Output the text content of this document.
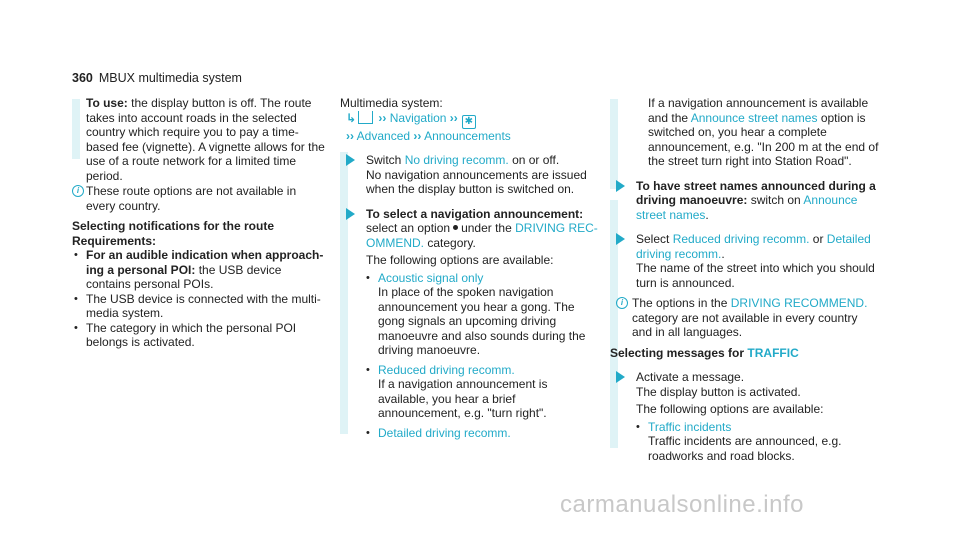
360 MBUX multimedia system
To use: the display button is off. The route takes into account roads in the selected country which require you to pay a time-based fee (vignette). A vignette allows for the use of a route network for a limited time period.
i These route options are not available in every country.
Selecting notifications for the route
Requirements:
• For an audible indication when approach-ing a personal POI: the USB device contains personal POIs.
• The USB device is connected with the multi-media system.
• The category in which the personal POI belongs is activated.
Multimedia system:
↳ ›› Navigation ›› ✱
›› Advanced ›› Announcements
Switch No driving recomm. on or off.
No navigation announcements are issued when the display button is switched on.
To select a navigation announcement:
select an option under the DRIVING REC-OMMEND. category.
The following options are available:
• Acoustic signal only
In place of the spoken navigation announcement you hear a gong. The gong signals an upcoming driving manoeuvre and also sounds during the driving manoeuvre.
• Reduced driving recomm.
If a navigation announcement is available, you hear a brief announcement, e.g. "turn right".
• Detailed driving recomm.
If a navigation announcement is available and the Announce street names option is switched on, you hear a complete announcement, e.g. "In 200 m at the end of the street turn right into Station Road".
To have street names announced during a driving manoeuvre: switch on Announce street names.
Select Reduced driving recomm. or Detailed driving recomm..
The name of the street into which you should turn is announced.
i The options in the DRIVING RECOMMEND. category are not available in every country and in all languages.
Selecting messages for TRAFFIC
Activate a message.
The display button is activated.
The following options are available:
• Traffic incidents
Traffic incidents are announced, e.g. roadworks and road blocks.
carmanualsonline.info
